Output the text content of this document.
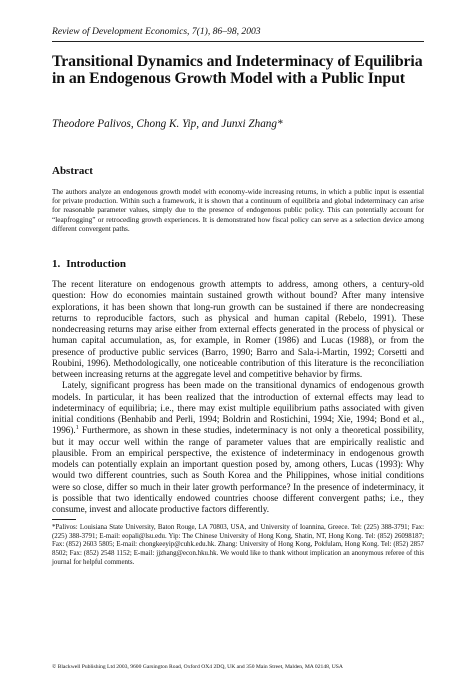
Review of Development Economics, 7(1), 86–98, 2003

Transitional Dynamics and Indeterminacy of Equilibria in an Endogenous Growth Model with a Public Input

Theodore Palivos, Chong K. Yip, and Junxi Zhang*

Abstract

The authors analyze an endogenous growth model with economy-wide increasing returns, in which a public input is essential for private production. Within such a framework, it is shown that a continuum of equilibria and global indeterminacy can arise for reasonable parameter values, simply due to the presence of endogenous public policy. This can potentially account for “leapfrogging” or retroceding growth experiences. It is demonstrated how fiscal policy can serve as a selection device among different convergent paths.

1. Introduction

The recent literature on endogenous growth attempts to address, among others, a century-old question: How do economies maintain sustained growth without bound? After many intensive explorations, it has been shown that long-run growth can be sustained if there are nondecreasing returns to reproducible factors, such as physical and human capital (Rebelo, 1991). These nondecreasing returns may arise either from external effects generated in the process of physical or human capital accumulation, as, for example, in Romer (1986) and Lucas (1988), or from the presence of productive public services (Barro, 1990; Barro and Sala-i-Martin, 1992; Corsetti and Roubini, 1996). Methodologically, one noticeable contribution of this literature is the reconciliation between increasing returns at the aggregate level and competitive behavior by firms.

Lately, significant progress has been made on the transitional dynamics of endogenous growth models. In particular, it has been realized that the introduction of external effects may lead to indeterminacy of equilibria; i.e., there may exist multiple equilibrium paths associated with given initial conditions (Benhabib and Perli, 1994; Boldrin and Rostichini, 1994; Xie, 1994; Bond et al., 1996).$^1$ Furthermore, as shown in these studies, indeterminacy is not only a theoretical possibility, but it may occur well within the range of parameter values that are empirically realistic and plausible. From an empirical perspective, the existence of indeterminacy in endogenous growth models can potentially explain an important question posed by, among others, Lucas (1993): Why would two different countries, such as South Korea and the Philippines, whose initial conditions were so close, differ so much in their later growth performance? In the presence of indeterminacy, it is possible that two identically endowed countries choose different convergent paths; i.e., they consume, invest and allocate productive factors differently.

*Palivos: Louisiana State University, Baton Rouge, LA 70803, USA, and University of Ioannina, Greece. Tel: (225) 388-3791; Fax: (225) 388-3791; E-mail: eopali@lsu.edu. Yip: The Chinese University of Hong Kong, Shatin, NT, Hong Kong. Tel: (852) 26098187; Fax: (852) 2603 5805; E-mail: chongkeeyip@cuhk.edu.hk. Zhang: University of Hong Kong, Pokfulam, Hong Kong. Tel: (852) 2857 8502; Fax: (852) 2548 1152; E-mail: jjzhang@econ.hku.hk. We would like to thank without implication an anonymous referee of this journal for helpful comments.

© Blackwell Publishing Ltd 2003, 9600 Garsington Road, Oxford OX4 2DQ, UK and 350 Main Street, Malden, MA 02148, USA
